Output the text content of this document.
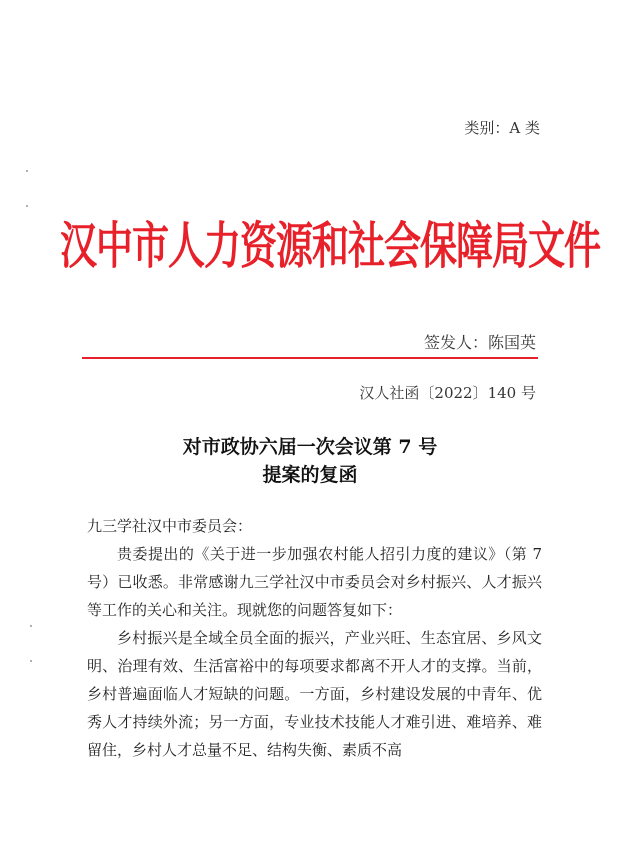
类别：A 类
汉中市人力资源和社会保障局文件
签发人：陈国英
汉人社函〔2022〕140 号
对市政协六届一次会议第 7 号
提案的复函

九三学社汉中市委员会：

贵委提出的《关于进一步加强农村能人招引力度的建议》（第 7 号）已收悉。非常感谢九三学社汉中市委员会对乡村振兴、人才振兴等工作的关心和关注。现就您的问题答复如下：

乡村振兴是全域全员全面的振兴，产业兴旺、生态宜居、乡风文明、治理有效、生活富裕中的每项要求都离不开人才的支撑。当前，乡村普遍面临人才短缺的问题。一方面，乡村建设发展的中青年、优秀人才持续外流；另一方面，专业技术技能人才难引进、难培养、难留住，乡村人才总量不足、结构失衡、素质不高
